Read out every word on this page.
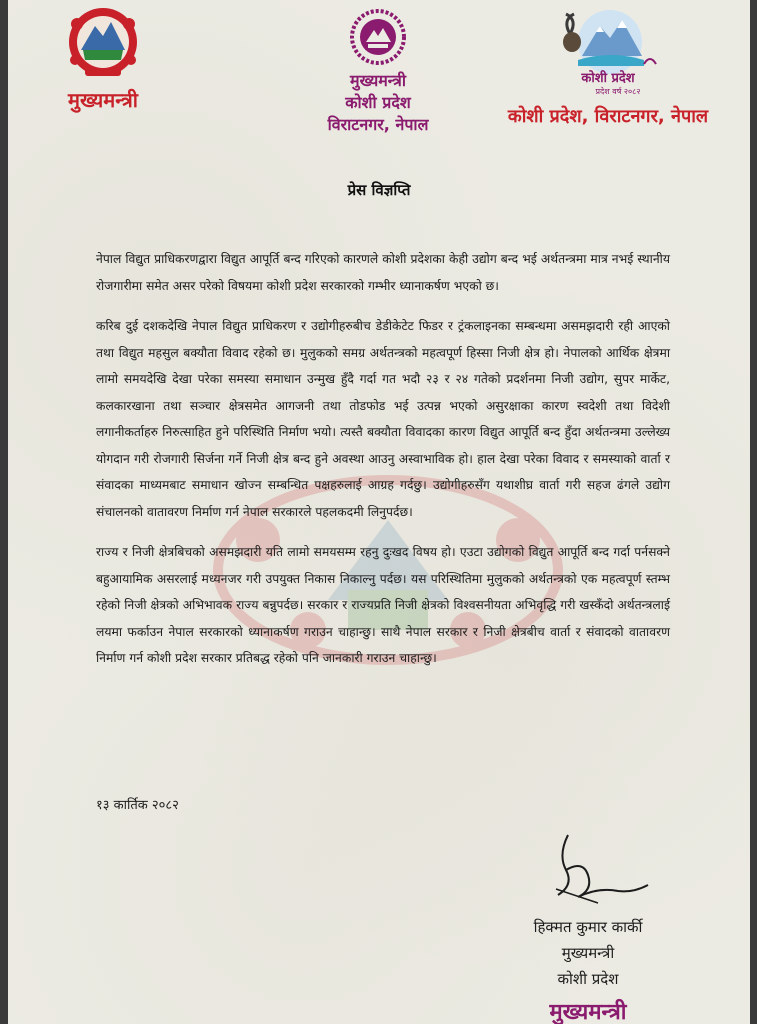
मुख्यमन्त्री
मुख्यमन्त्री
कोशी प्रदेश
विराटनगर, नेपाल
कोशी प्रदेश
प्रदेश वर्ष २०८२
कोशी प्रदेश, विराटनगर, नेपाल
प्रेस विज्ञप्ति

नेपाल विद्युत प्राधिकरणद्वारा विद्युत आपूर्ति बन्द गरिएको कारणले कोशी प्रदेशका केही उद्योग बन्द भई अर्थतन्त्रमा मात्र नभई स्थानीय रोजगारीमा समेत असर परेको विषयमा कोशी प्रदेश सरकारको गम्भीर ध्यानाकर्षण भएको छ।

करिब दुई दशकदेखि नेपाल विद्युत प्राधिकरण र उद्योगीहरुबीच डेडीकेटेट फिडर र ट्रंकलाइनका सम्बन्धमा असमझदारी रही आएको तथा विद्युत महसुल बक्यौता विवाद रहेको छ। मुलुकको समग्र अर्थतन्त्रको महत्वपूर्ण हिस्सा निजी क्षेत्र हो। नेपालको आर्थिक क्षेत्रमा लामो समयदेखि देखा परेका समस्या समाधान उन्मुख हुँदै गर्दा गत भदौ २३ र २४ गतेको प्रदर्शनमा निजी उद्योग, सुपर मार्केट, कलकारखाना तथा सञ्चार क्षेत्रसमेत आगजनी तथा तोडफोड भई उत्पन्न भएको असुरक्षाका कारण स्वदेशी तथा विदेशी लगानीकर्ताहरु निरुत्साहित हुने परिस्थिति निर्माण भयो। त्यस्तै बक्यौता विवादका कारण विद्युत आपूर्ति बन्द हुँदा अर्थतन्त्रमा उल्लेख्य योगदान गरी रोजगारी सिर्जना गर्ने निजी क्षेत्र बन्द हुने अवस्था आउनु अस्वाभाविक हो। हाल देखा परेका विवाद र समस्याको वार्ता र संवादका माध्यमबाट समाधान खोज्न सम्बन्धित पक्षहरुलाई आग्रह गर्दछु। उद्योगीहरुसँग यथाशीघ्र वार्ता गरी सहज ढंगले उद्योग संचालनको वातावरण निर्माण गर्न नेपाल सरकारले पहलकदमी लिनुपर्दछ।

राज्य र निजी क्षेत्रबिचको असमझदारी यति लामो समयसम्म रहनु दुःखद विषय हो। एउटा उद्योगको विद्युत आपूर्ति बन्द गर्दा पर्नसक्ने बहुआयामिक असरलाई मध्यनजर गरी उपयुक्त निकास निकाल्नु पर्दछ। यस परिस्थितिमा मुलुकको अर्थतन्त्रको एक महत्वपूर्ण स्तम्भ रहेको निजी क्षेत्रको अभिभावक राज्य बन्नुपर्दछ। सरकार र राज्यप्रति निजी क्षेत्रको विश्वसनीयता अभिवृद्धि गरी खस्कँदो अर्थतन्त्रलाई लयमा फर्काउन नेपाल सरकारको ध्यानाकर्षण गराउन चाहान्छु। साथै नेपाल सरकार र निजी क्षेत्रबीच वार्ता र संवादको वातावरण निर्माण गर्न कोशी प्रदेश सरकार प्रतिबद्ध रहेको पनि जानकारी गराउन चाहान्छु।

१३ कार्तिक २०८२
हिक्मत कुमार कार्की
मुख्यमन्त्री
कोशी प्रदेश
मुख्यमन्त्री
